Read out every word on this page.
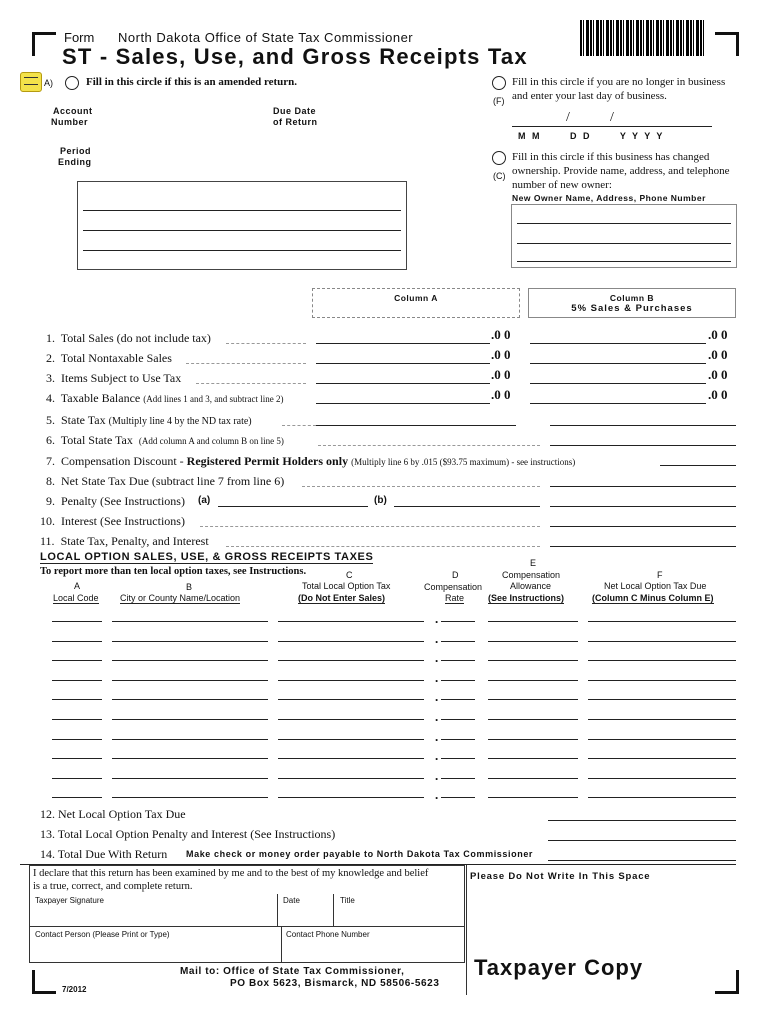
Form North Dakota Office of State Tax Commissioner
ST - Sales, Use, and Gross Receipts Tax
A)	Fill in this circle if this is an amended return.
(F)
Fill in this circle if you are no longer in business
and enter your last day of business.
/	/
M  M          D  D          Y  Y  Y  Y
Account
Number
Due Date
of Return
Period
Ending
(C)
Fill in this circle if this business has changed
ownership. Provide name, address, and telephone
number of new owner:
New Owner Name, Address, Phone Number
Column A	Column B
5% Sales & Purchases
1. Total Sales (do not include tax)	.0 0	.0 0
2. Total Nontaxable Sales	.0 0	.0 0
3. Items Subject to Use Tax	.0 0	.0 0
4. Taxable Balance (Add lines 1 and 3, and subtract line 2)	.0 0	.0 0
5. State Tax (Multiply line 4 by the ND tax rate)
6. Total State Tax (Add column A and column B on line 5)
7. Compensation Discount - Registered Permit Holders only (Multiply line 6 by .015 ($93.75 maximum) - see instructions)
8. Net State Tax Due (subtract line 7 from line 6)
9. Penalty (See Instructions) (a)	(b)
10. Interest (See Instructions)
11. State Tax, Penalty, and Interest
LOCAL OPTION SALES, USE, & GROSS RECEIPTS TAXES
To report more than ten local option taxes, see Instructions.
A
Local Code
B
City or County Name/Location
C
Total Local Option Tax
(Do Not Enter Sales)
D
Compensation
Rate
E
Compensation
Allowance
(See Instructions)
F
Net Local Option Tax Due
(Column C Minus Column E)
.
.
.
.
.
.
.
.
.
.
12. Net Local Option Tax Due
13. Total Local Option Penalty and Interest (See Instructions)
14. Total Due With Return Make check or money order payable to North Dakota Tax Commissioner
I declare that this return has been examined by me and to the best of my knowledge and belief
is a true, correct, and complete return.
Taxpayer Signature	Date	Title
Contact Person (Please Print or Type)	Contact Phone Number
Please Do Not Write In This Space
Taxpayer Copy
7/2012
Mail to: Office of State Tax Commissioner,
PO Box 5623, Bismarck, ND 58506-5623
